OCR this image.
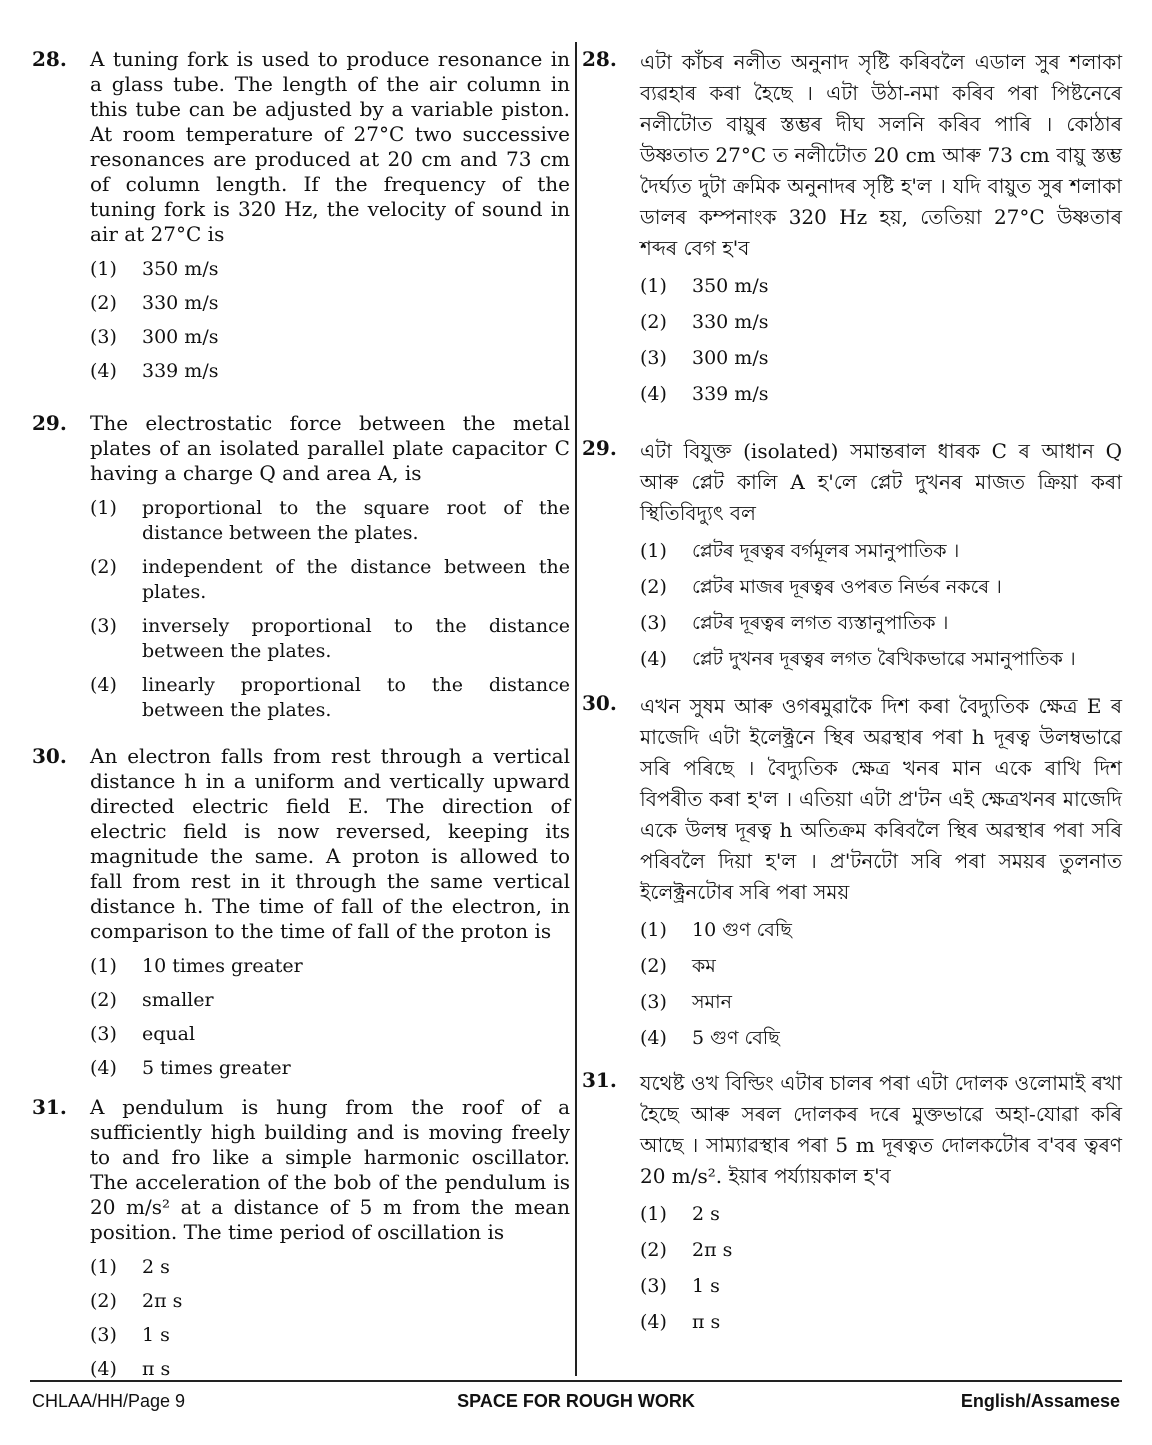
28. A tuning fork is used to produce resonance in a glass tube. The length of the air column in this tube can be adjusted by a variable piston. At room temperature of 27°C two successive resonances are produced at 20 cm and 73 cm of column length. If the frequency of the tuning fork is 320 Hz, the velocity of sound in air at 27°C is
(1) 350 m/s
(2) 330 m/s
(3) 300 m/s
(4) 339 m/s
29. The electrostatic force between the metal plates of an isolated parallel plate capacitor C having a charge Q and area A, is
(1) proportional to the square root of the distance between the plates.
(2) independent of the distance between the plates.
(3) inversely proportional to the distance between the plates.
(4) linearly proportional to the distance between the plates.
30. An electron falls from rest through a vertical distance h in a uniform and vertically upward directed electric field E. The direction of electric field is now reversed, keeping its magnitude the same. A proton is allowed to fall from rest in it through the same vertical distance h. The time of fall of the electron, in comparison to the time of fall of the proton is
(1) 10 times greater
(2) smaller
(3) equal
(4) 5 times greater
31. A pendulum is hung from the roof of a sufficiently high building and is moving freely to and fro like a simple harmonic oscillator. The acceleration of the bob of the pendulum is 20 m/s² at a distance of 5 m from the mean position. The time period of oscillation is
(1) 2 s
(2) 2π s
(3) 1 s
(4) π s
28. এটা কাঁচৰ নলীত অনুনাদ সৃষ্টি কৰিবলৈ এডাল সুৰ শলাকা ব্যৱহাৰ কৰা হৈছে । এটা উঠা-নমা কৰিব পৰা পিষ্টনেৰে নলীটোত বায়ুৰ স্তম্ভৰ দীঘ সলনি কৰিব পাৰি । কোঠাৰ উষ্ণতাত 27°C ত নলীটোত 20 cm আৰু 73 cm বায়ু স্তম্ভ দৈৰ্ঘ্যত দুটা ক্ৰমিক অনুনাদৰ সৃষ্টি হ'ল । যদি বায়ুত সুৰ শলাকা ডালৰ কম্পনাংক 320 Hz হয়, তেতিয়া 27°C উষ্ণতাৰ শব্দৰ বেগ হ'ব
(1) 350 m/s
(2) 330 m/s
(3) 300 m/s
(4) 339 m/s
29. এটা বিযুক্ত (isolated) সমান্তৰাল ধাৰক C ৰ আধান Q আৰু প্লেট কালি A হ'লে প্লেট দুখনৰ মাজত ক্ৰিয়া কৰা স্থিতিবিদ্যুৎ বল
(1) প্লেটৰ দূৰত্বৰ বৰ্গমূলৰ সমানুপাতিক ।
(2) প্লেটৰ মাজৰ দূৰত্বৰ ওপৰত নিৰ্ভৰ নকৰে ।
(3) প্লেটৰ দূৰত্বৰ লগত ব্যস্তানুপাতিক ।
(4) প্লেট দুখনৰ দূৰত্বৰ লগত ৰৈখিকভাৱে সমানুপাতিক ।
30. এখন সুষম আৰু ওগৰমুৱাকৈ দিশ কৰা বৈদ্যুতিক ক্ষেত্ৰ E ৰ মাজেদি এটা ইলেক্ট্ৰনে স্থিৰ অৱস্থাৰ পৰা h দূৰত্ব উলম্বভাৱে সৰি পৰিছে । বৈদ্যুতিক ক্ষেত্ৰ খনৰ মান একে ৰাখি দিশ বিপৰীত কৰা হ'ল । এতিয়া এটা প্ৰ'টন এই ক্ষেত্ৰখনৰ মাজেদি একে উলম্ব দূৰত্ব h অতিক্ৰম কৰিবলৈ স্থিৰ অৱস্থাৰ পৰা সৰি পৰিবলৈ দিয়া হ'ল । প্ৰ'টনটো সৰি পৰা সময়ৰ তুলনাত ইলেক্ট্ৰনটোৰ সৰি পৰা সময়
(1) 10 গুণ বেছি
(2) কম
(3) সমান
(4) 5 গুণ বেছি
31. যথেষ্ট ওখ বিল্ডিং এটাৰ চালৰ পৰা এটা দোলক ওলোমাই ৰখা হৈছে আৰু সৰল দোলকৰ দৰে মুক্তভাৱে অহা-যোৱা কৰি আছে । সাম্যাৱস্থাৰ পৰা 5 m দূৰত্বত দোলকটোৰ ব'বৰ ত্বৰণ 20 m/s². ইয়াৰ পৰ্য্যায়কাল হ'ব
(1) 2 s
(2) 2π s
(3) 1 s
(4) π s
CHLAA/HH/Page 9	SPACE FOR ROUGH WORK	English/Assamese
